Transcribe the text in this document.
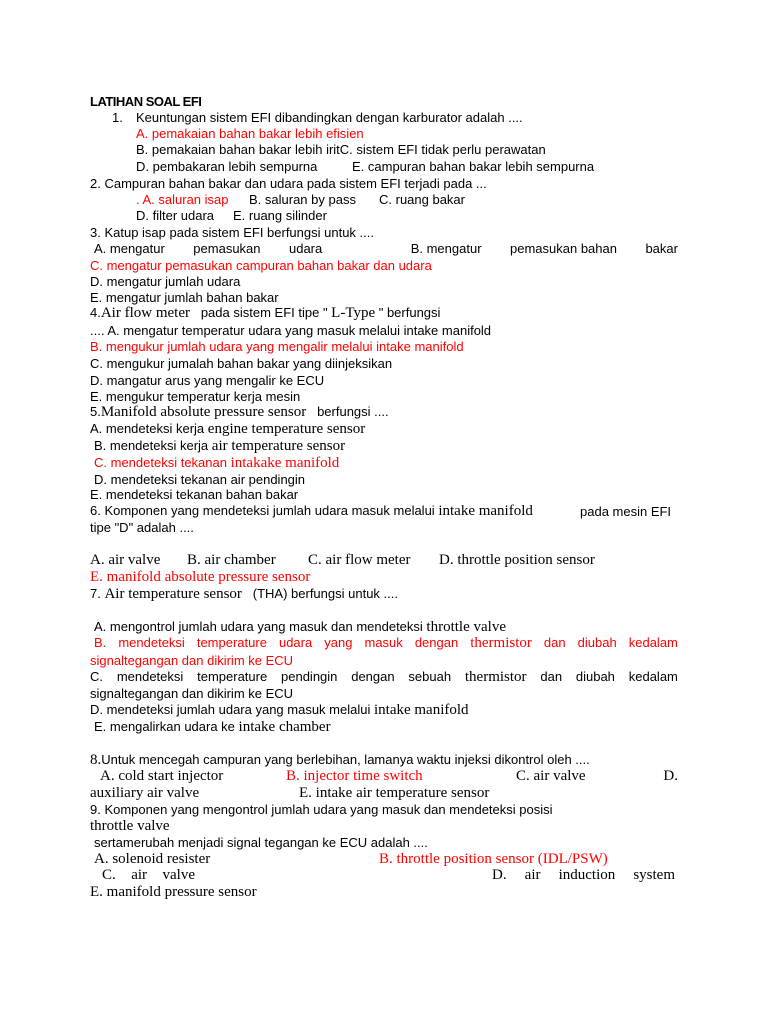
LATIHAN SOAL EFI
1. Keuntungan sistem EFI dibandingkan dengan karburator adalah ....
A. pemakaian bahan bakar lebih efisien
B. pemakaian bahan bakar lebih iritC. sistem EFI tidak perlu perawatan
D. pembakaran lebih sempurna	E. campuran bahan bakar lebih sempurna
2. Campuran bahan bakar dan udara pada sistem EFI terjadi pada ...
. A. saluran isap B. saluran by pass C. ruang bakar
D. filter udara E. ruang silinder
3. Katup isap pada sistem EFI berfungsi untuk ....
A. mengatur pemasukan udara	B. mengatur pemasukan bahan bakar
C. mengatur pemasukan campuran bahan bakar dan udara
D. mengatur jumlah udara
E. mengatur jumlah bahan bakar
4.Air flow meter pada sistem EFI tipe " L-Type " berfungsi
.... A. mengatur temperatur udara yang masuk melalui intake manifold
B. mengukur jumlah udara yang mengalir melalui intake manifold
C. mengukur jumalah bahan bakar yang diinjeksikan
D. mangatur arus yang mengalir ke ECU
E. mengukur temperatur kerja mesin
5.Manifold absolute pressure sensor berfungsi ....
A. mendeteksi kerja engine temperature sensor
B. mendeteksi kerja air temperature sensor
C. mendeteksi tekanan intakake manifold
D. mendeteksi tekanan air pendingin
E. mendeteksi tekanan bahan bakar
6. Komponen yang mendeteksi jumlah udara masuk melalui intake manifold	pada mesin EFI
tipe "D" adalah ....
A. air valve B. air chamber C. air flow meter D. throttle position sensor
E. manifold absolute pressure sensor
7. Air temperature sensor (THA) berfungsi untuk ....
A. mengontrol jumlah udara yang masuk dan mendeteksi throttle valve
B. mendeteksi temperature udara yang masuk dengan thermistor dan diubah kedalam
signaltegangan dan dikirim ke ECU
C. mendeteksi temperature pendingin dengan sebuah thermistor dan diubah kedalam
signaltegangan dan dikirim ke ECU
D. mendeteksi jumlah udara yang masuk melalui intake manifold
E. mengalirkan udara ke intake chamber
8.Untuk mencegah campuran yang berlebihan, lamanya waktu injeksi dikontrol oleh ....
A. cold start injector	B. injector time switch	C. air valve	D.
auxiliary air valve	E. intake air temperature sensor
9. Komponen yang mengontrol jumlah udara yang masuk dan mendeteksi posisi
throttle valve
sertamerubah menjadi signal tegangan ke ECU adalah ....
A. solenoid resister	B. throttle position sensor (IDL/PSW)
C. air valve	D. air induction system
E. manifold pressure sensor
